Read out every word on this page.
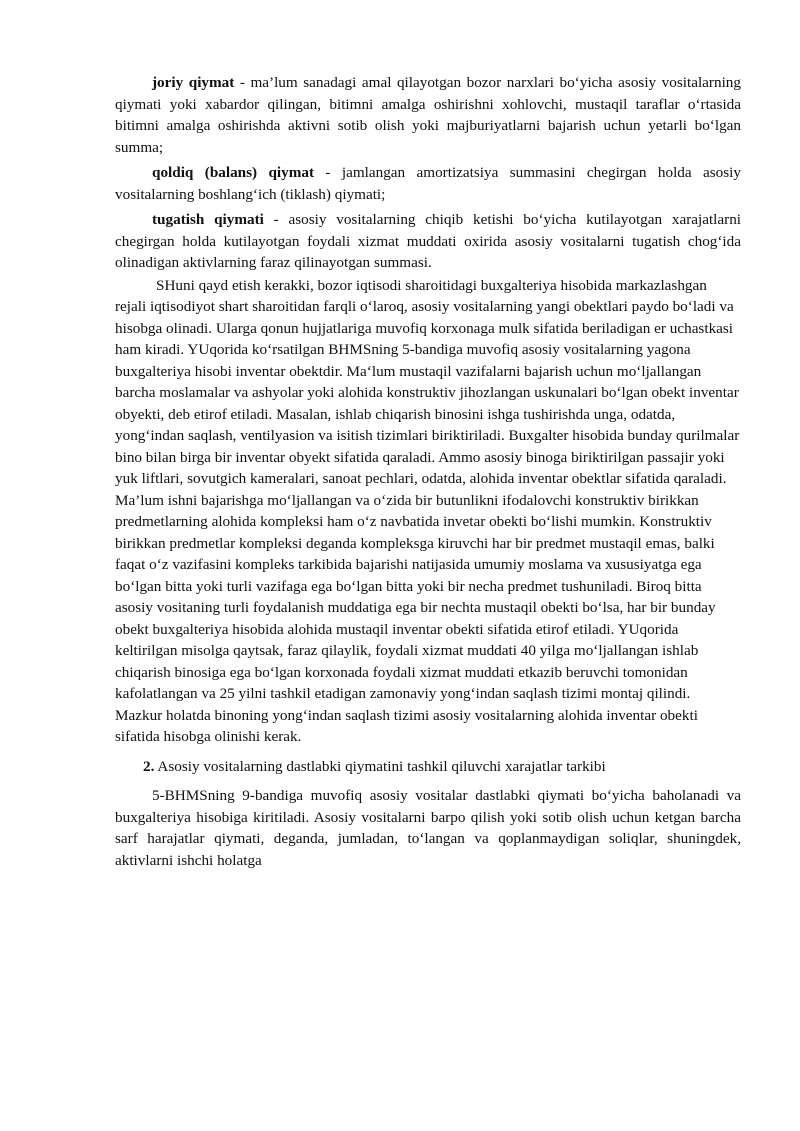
joriy qiymat - ma’lum sanadagi amal qilayotgan bozor narxlari bo‘yicha asosiy vositalarning qiymati yoki xabardor qilingan, bitimni amalga oshirishni xohlovchi, mustaqil taraflar o‘rtasida bitimni amalga oshirishda aktivni sotib olish yoki majburiyatlarni bajarish uchun yetarli bo‘lgan summa;

qoldiq (balans) qiymat - jamlangan amortizatsiya summasini chegirgan holda asosiy vositalarning boshlang‘ich (tiklash) qiymati;

tugatish qiymati - asosiy vositalarning chiqib ketishi bo‘yicha kutilayotgan xarajatlarni chegirgan holda kutilayotgan foydali xizmat muddati oxirida asosiy vositalarni tugatish chog‘ida olinadigan aktivlarning faraz qilinayotgan summasi.

SHuni qayd etish kerakki, bozor iqtisodi sharoitidagi buxgalteriya hisobida markazlashgan rejali iqtisodiyot shart sharoitidan farqli o‘laroq, asosiy vositalarning yangi obektlari paydo bo‘ladi va hisobga olinadi. Ularga qonun hujjatlariga muvofiq korxonaga mulk sifatida beriladigan er uchastkasi ham kiradi. YUqorida ko‘rsatilgan BHMSning 5-bandiga muvofiq asosiy vositalarning yagona buxgalteriya hisobi inventar obektdir. Ma‘lum mustaqil vazifalarni bajarish uchun mo‘ljallangan barcha moslamalar va ashyolar yoki alohida konstruktiv jihozlangan uskunalari bo‘lgan obekt inventar obyekti, deb etirof etiladi. Masalan, ishlab chiqarish binosini ishga tushirishda unga, odatda, yong‘indan saqlash, ventilyasion va isitish tizimlari biriktiriladi. Buxgalter hisobida bunday qurilmalar bino bilan birga bir inventar obyekt sifatida qaraladi. Ammo asosiy binoga biriktirilgan passajir yoki yuk liftlari, sovutgich kameralari, sanoat pechlari, odatda, alohida inventar obektlar sifatida qaraladi. Ma’lum ishni bajarishga mo‘ljallangan va o‘zida bir butunlikni ifodalovchi konstruktiv birikkan predmetlarning alohida kompleksi ham o‘z navbatida invetar obekti bo‘lishi mumkin. Konstruktiv birikkan predmetlar kompleksi deganda kompleksga kiruvchi har bir predmet mustaqil emas, balki faqat o‘z vazifasini kompleks tarkibida bajarishi natijasida umumiy moslama va xususiyatga ega bo‘lgan bitta yoki turli vazifaga ega bo‘lgan bitta yoki bir necha predmet tushuniladi. Biroq bitta asosiy vositaning turli foydalanish muddatiga ega bir nechta mustaqil obekti bo‘lsa, har bir bunday obekt buxgalteriya hisobida alohida mustaqil inventar obekti sifatida etirof etiladi. YUqorida keltirilgan misolga qaytsak, faraz qilaylik, foydali xizmat muddati 40 yilga mo‘ljallangan ishlab chiqarish binosiga ega bo‘lgan korxonada foydali xizmat muddati etkazib beruvchi tomonidan kafolatlangan va 25 yilni tashkil etadigan zamonaviy yong‘indan saqlash tizimi montaj qilindi. Mazkur holatda binoning yong‘indan saqlash tizimi asosiy vositalarning alohida inventar obekti sifatida hisobga olinishi kerak.

2. Asosiy vositalarning dastlabki qiymatini tashkil qiluvchi xarajatlar tarkibi

5-BHMSning 9-bandiga muvofiq asosiy vositalar dastlabki qiymati bo‘yicha baholanadi va buxgalteriya hisobiga kiritiladi. Asosiy vositalarni barpo qilish yoki sotib olish uchun ketgan barcha sarf harajatlar qiymati, deganda, jumladan, to‘langan va qoplanmaydigan soliqlar, shuningdek, aktivlarni ishchi holatga
